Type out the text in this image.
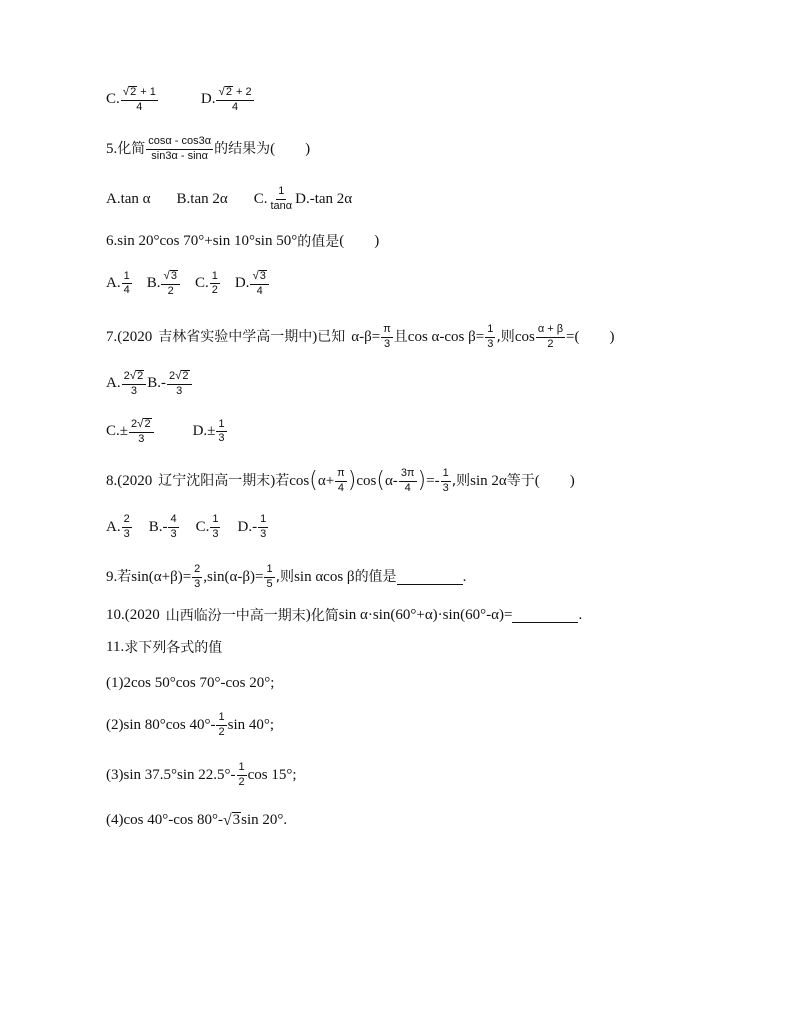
C. $\frac{√ 2 + 1}{4}$	D. $\frac{√ 2 + 2}{4}$
5. 化简 $\frac{\cos\alpha - \cos 3\alpha}{\sin 3\alpha - \sin\alpha}$ 的结果为 ( )
A.tan α B.tan 2α C. $\frac{1}{\tan\alpha} D.-\tan$ 2α
6.sin 20°cos 70°+sin 10°sin 50° 的值是 ( )
A. $\frac{1}{4} B$. $\frac{√ 3}{2} C$. $\frac{1}{2} D$. $\frac{√ 3}{4}$
7.(2020 吉林省实验中学高一期中 ) 已知 $\alpha-\beta= \frac{\pi}{3}$ 且 cos α-cos $\beta= \frac{1}{3}$ ,则 $\cos \frac{\alpha + \beta}{2}$ = ( )
A. $\frac{2 √ 2}{3} B.- \frac{2 √ 2}{3}$
$C.\pm \frac{2 √ 2}{3}$	$D.\pm \frac{1}{3}$
8.(2020 辽宁沈阳高一期末 ) 若 cos ( $\alpha+ \frac{\pi}{4}$ ) cos ( $\alpha- \frac{3\pi}{4}$ ) =- $\frac{1}{3}$ ,则 sin 2α 等于 ( )
A. $\frac{2}{3} B.- \frac{4}{3} C$. $\frac{1}{3} D.- \frac{1}{3}$
9. 若 $\sin(\alpha+\beta)= \frac{2}{3} ,\sin(\alpha-\beta)= \frac{1}{5}$ ,则 sin αcos β 的值是	.
10.(2020 山西临汾一中高一期末 ) 化简 sin α·sin(60°+α)·sin(60°-α)=	.
11. 求下列各式的值
(1)2cos 50°cos 70°-cos 20°;
(2)sin 80°cos $40^\circ- \frac{1}{2}$ sin 40°;
(3)sin 37.5°sin $22.5^\circ- \frac{1}{2}$ cos 15°;
(4)cos 40°-cos 80°- √ 3 sin 20°.
